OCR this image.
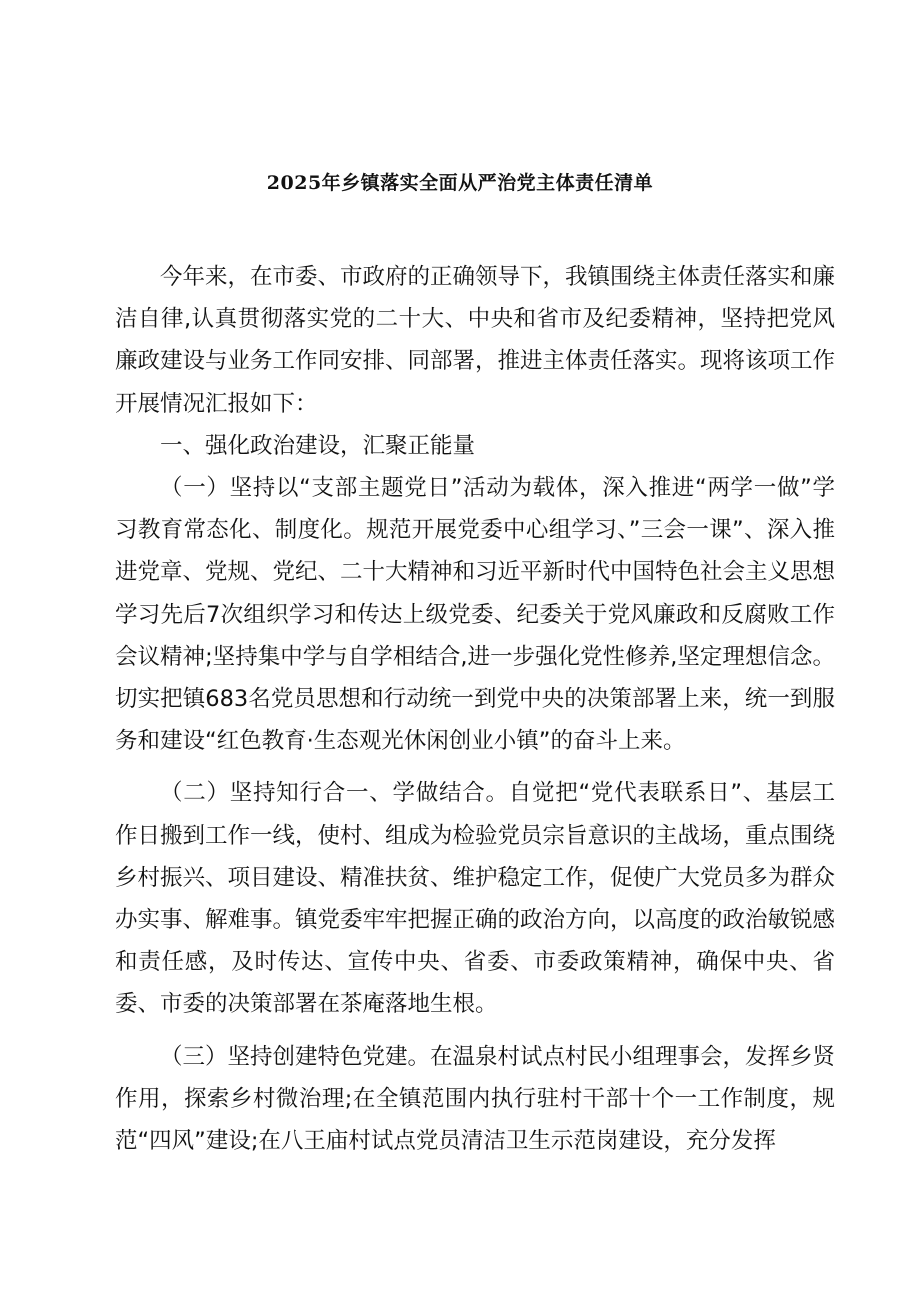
2025年乡镇落实全面从严治党主体责任清单

今年来，在市委、市政府的正确领导下，我镇围绕主体责任落实和廉洁自律,认真贯彻落实党的二十大、中央和省市及纪委精神，坚持把党风廉政建设与业务工作同安排、同部署，推进主体责任落实。现将该项工作开展情况汇报如下：

一、强化政治建设，汇聚正能量

（一）坚持以“支部主题党日”活动为载体，深入推进“两学一做”学习教育常态化、制度化。规范开展党委中心组学习、”三会一课”、深入推进党章、党规、党纪、二十大精神和习近平新时代中国特色社会主义思想学习先后7次组织学习和传达上级党委、纪委关于党风廉政和反腐败工作会议精神;坚持集中学与自学相结合,进一步强化党性修养,坚定理想信念。切实把镇683名党员思想和行动统一到党中央的决策部署上来，统一到服务和建设“红色教育·生态观光休闲创业小镇”的奋斗上来。

（二）坚持知行合一、学做结合。自觉把“党代表联系日”、基层工作日搬到工作一线，使村、组成为检验党员宗旨意识的主战场，重点围绕乡村振兴、项目建设、精准扶贫、维护稳定工作，促使广大党员多为群众办实事、解难事。镇党委牢牢把握正确的政治方向，以高度的政治敏锐感和责任感，及时传达、宣传中央、省委、市委政策精神，确保中央、省委、市委的决策部署在茶庵落地生根。

（三）坚持创建特色党建。在温泉村试点村民小组理事会，发挥乡贤作用，探索乡村微治理;在全镇范围内执行驻村干部十个一工作制度，规范“四风”建设;在八王庙村试点党员清洁卫生示范岗建设，充分发挥
